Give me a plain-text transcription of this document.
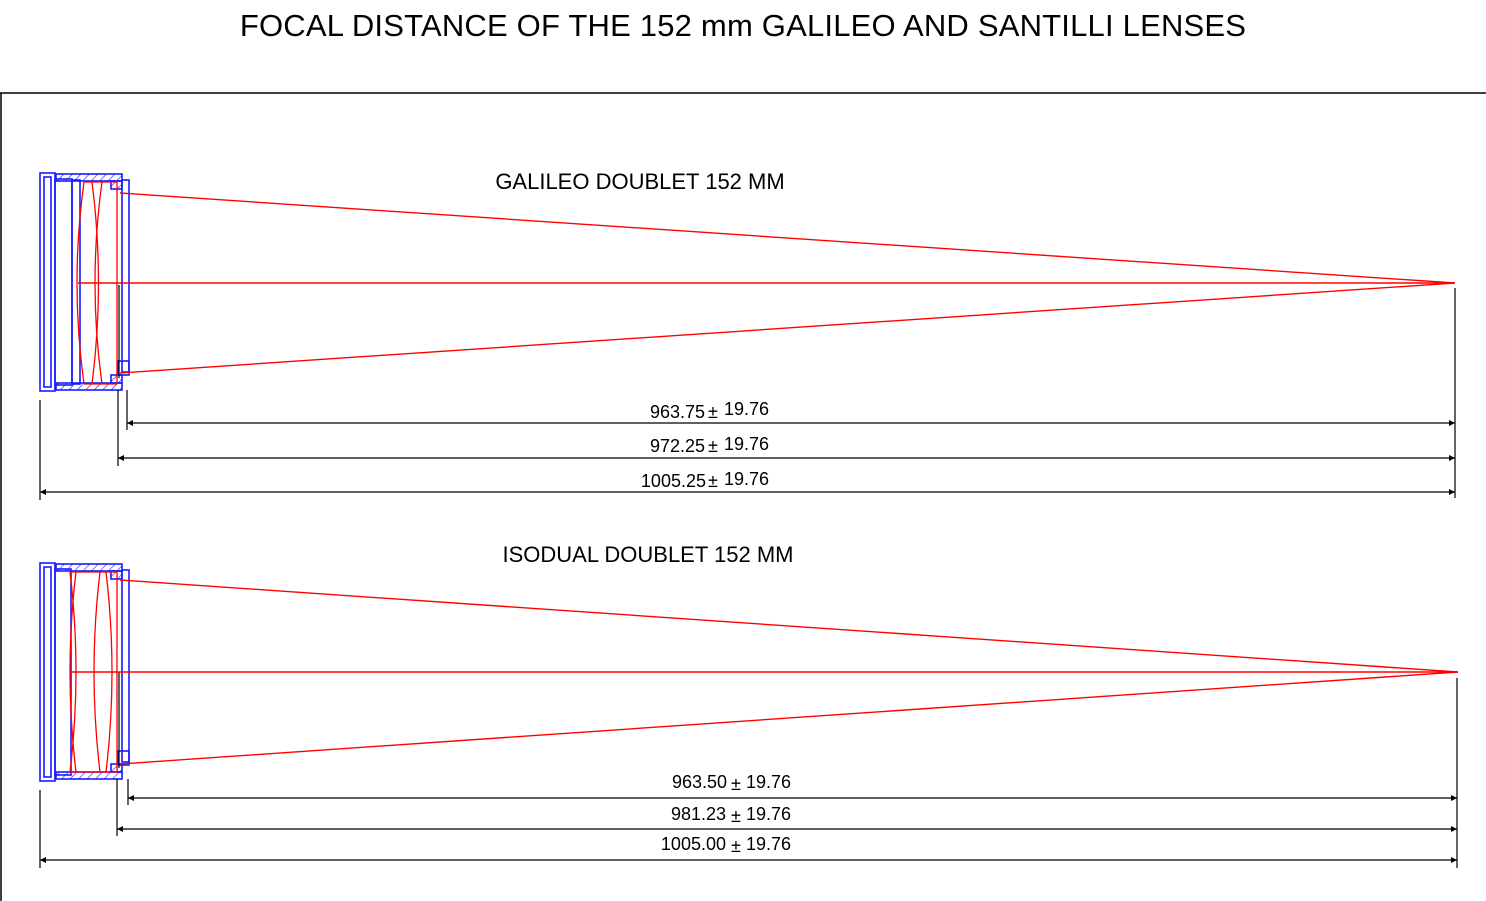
FOCAL DISTANCE OF THE 152 mm GALILEO AND SANTILLI LENSES
GALILEO DOUBLET 152 MM
963.75 ± 19.76
972.25 ± 19.76
1005.25 ± 19.76
ISODUAL DOUBLET 152 MM
963.50 ± 19.76
981.23 ± 19.76
1005.00 ± 19.76
